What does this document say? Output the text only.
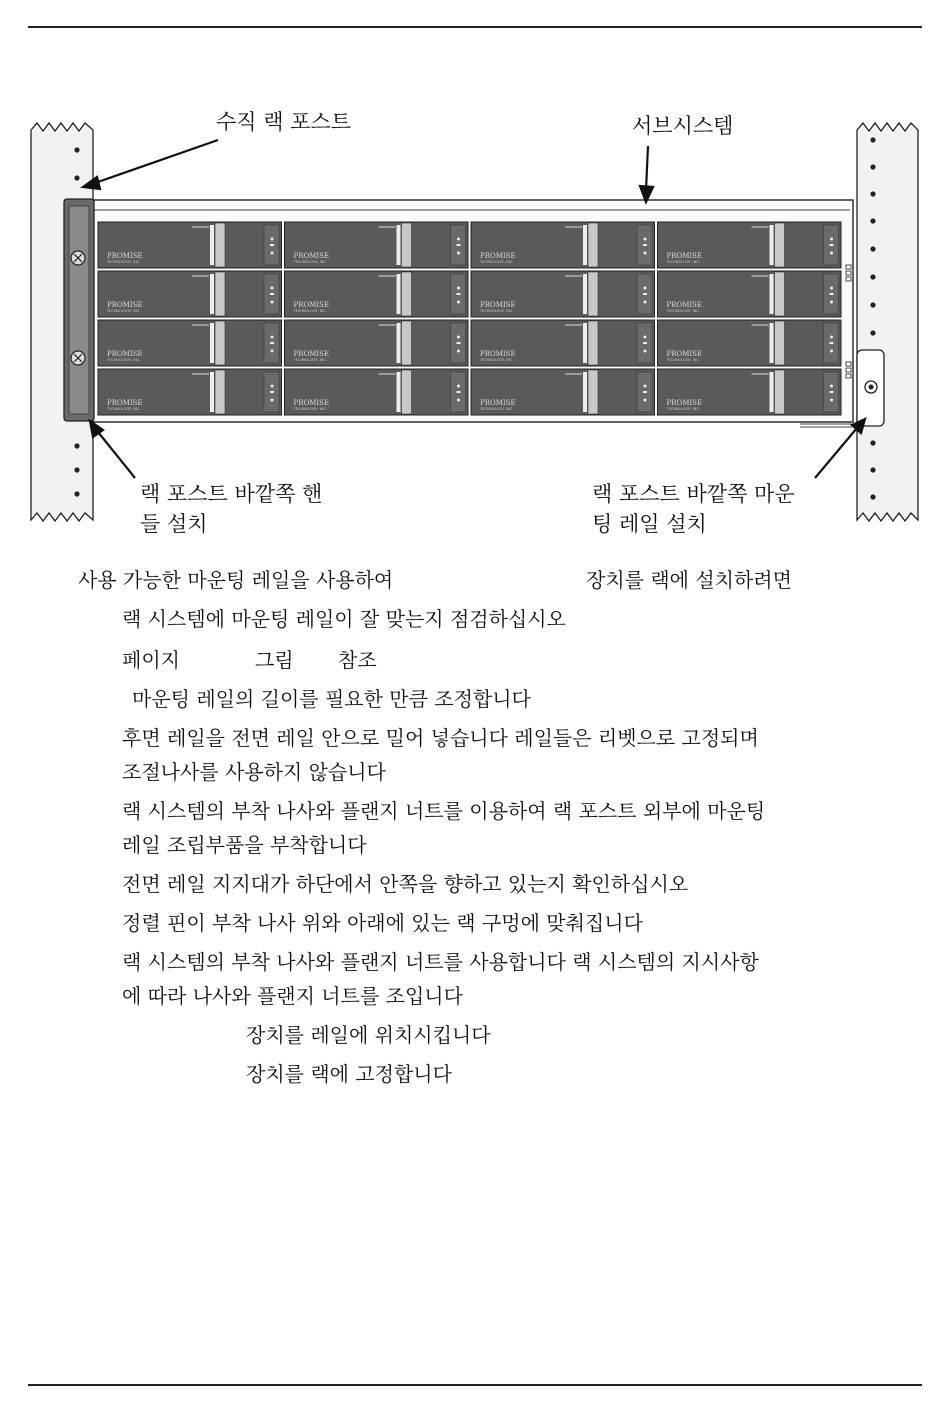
PROMISE
TECHNOLOGY, INC.
PROMISE
TECHNOLOGY, INC.
PROMISE
TECHNOLOGY, INC.
PROMISE
TECHNOLOGY, INC.
PROMISE
TECHNOLOGY, INC.
PROMISE
TECHNOLOGY, INC.
PROMISE
TECHNOLOGY, INC.
PROMISE
TECHNOLOGY, INC.
PROMISE
TECHNOLOGY, INC.
PROMISE
TECHNOLOGY, INC.
PROMISE
TECHNOLOGY, INC.
PROMISE
TECHNOLOGY, INC.
PROMISE
TECHNOLOGY, INC.
PROMISE
TECHNOLOGY, INC.
PROMISE
TECHNOLOGY, INC.
PROMISE
TECHNOLOGY, INC.
수직 랙 포스트	서브시스템
랙 포스트 바깥쪽 핸
들 설치
랙 포스트 바깥쪽 마운
팅 레일 설치
사용 가능한 마운팅 레일을 사용하여	장치를 랙에 설치하려면
랙 시스템에 마운팅 레일이 잘 맞는지 점검하십시오
페이지	그림 참조
마운팅 레일의 길이를 필요한 만큼 조정합니다
후면 레일을 전면 레일 안으로 밀어 넣습니다 레일들은 리벳으로 고정되며
조절나사를 사용하지 않습니다
랙 시스템의 부착 나사와 플랜지 너트를 이용하여 랙 포스트 외부에 마운팅
레일 조립부품을 부착합니다
전면 레일 지지대가 하단에서 안쪽을 향하고 있는지 확인하십시오
정렬 핀이 부착 나사 위와 아래에 있는 랙 구멍에 맞춰집니다
랙 시스템의 부착 나사와 플랜지 너트를 사용합니다 랙 시스템의 지시사항
에 따라 나사와 플랜지 너트를 조입니다
장치를 레일에 위치시킵니다
장치를 랙에 고정합니다
